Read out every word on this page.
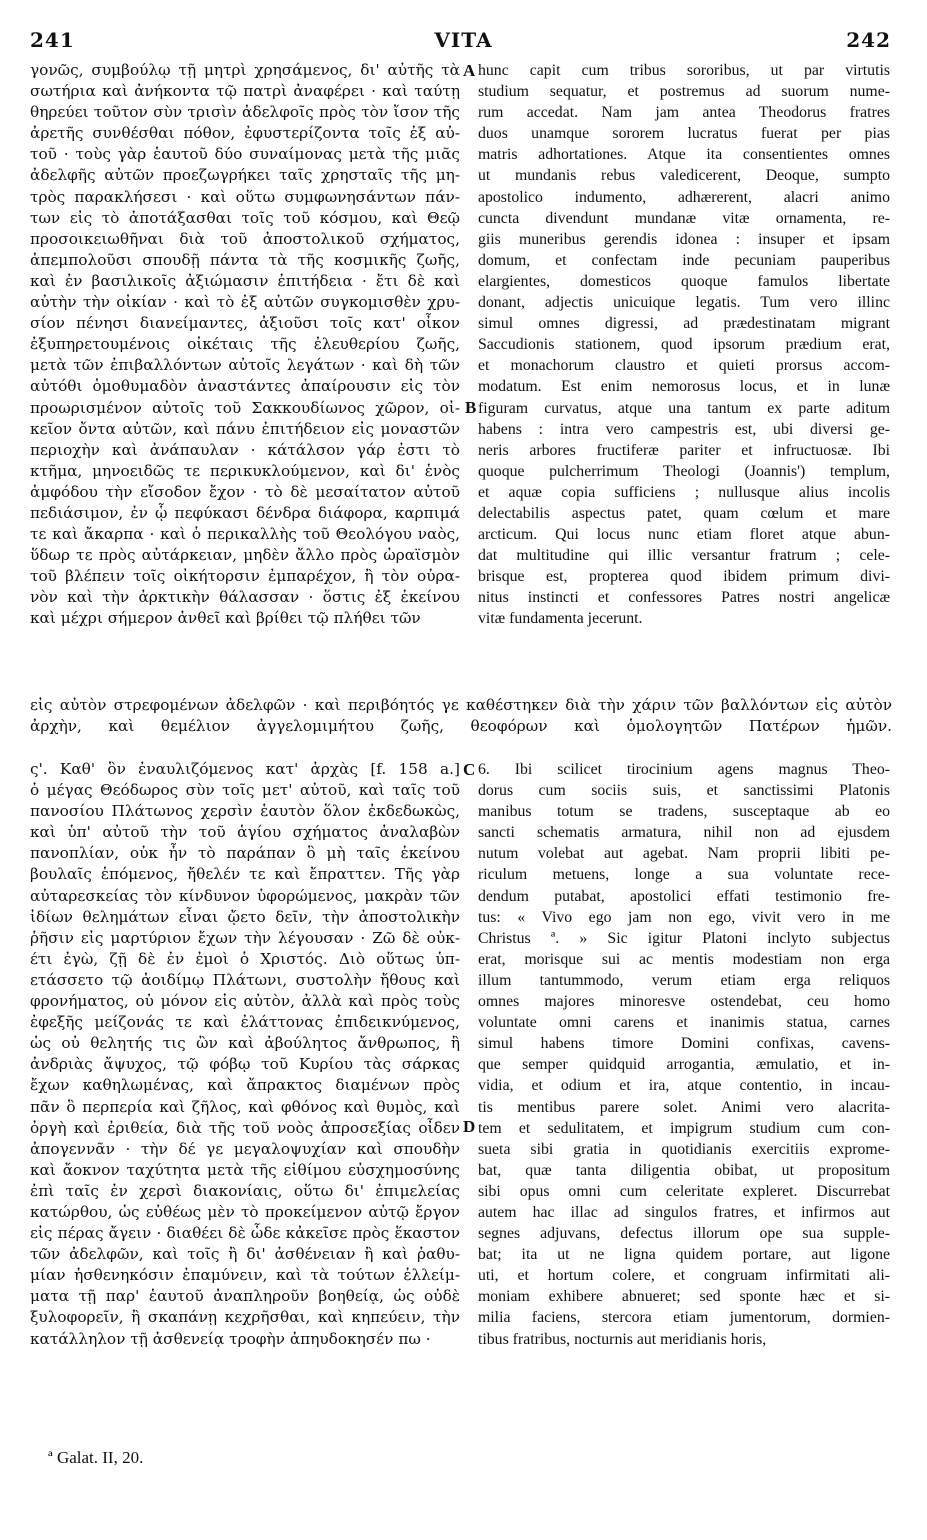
241	VITA	242
γονῶς, συμβούλῳ τῇ μητρὶ χρησάμενος, δι' αὐτῆς τὰ
σωτήρια καὶ ἀνήκοντα τῷ πατρὶ ἀναφέρει · καὶ ταύτῃ
θηρεύει τοῦτον σὺν τρισὶν ἀδελφοῖς πρὸς τὸν ἴσον τῆς
ἀρετῆς συνθέσθαι πόθον, ἐφυστερίζοντα τοῖς ἐξ αὐ-
τοῦ · τοὺς γὰρ ἑαυτοῦ δύο συναίμονας μετὰ τῆς μιᾶς
ἀδελφῆς αὐτῶν προεζωγρήκει ταῖς χρησταῖς τῆς μη-
τρὸς παρακλήσεσι · καὶ οὕτω συμφωνησάντων πάν-
των εἰς τὸ ἀποτάξασθαι τοῖς τοῦ κόσμου, καὶ Θεῷ
προσοικειωθῆναι διὰ τοῦ ἀποστολικοῦ σχήματος,
ἀπεμπολοῦσι σπουδῇ πάντα τὰ τῆς κοσμικῆς ζωῆς,
καὶ ἐν βασιλικοῖς ἀξιώμασιν ἐπιτήδεια · ἔτι δὲ καὶ
αὐτὴν τὴν οἰκίαν · καὶ τὸ ἐξ αὐτῶν συγκομισθὲν χρυ-
σίον πένησι διανείμαντες, ἀξιοῦσι τοῖς κατ' οἶκον
ἐξυπηρετουμένοις οἰκέταις τῆς ἐλευθερίου ζωῆς,
μετὰ τῶν ἐπιβαλλόντων αὐτοῖς λεγάτων · καὶ δὴ τῶν
αὐτόθι ὁμοθυμαδὸν ἀναστάντες ἀπαίρουσιν εἰς τὸν
προωρισμένον αὐτοῖς τοῦ Σακκουδίωνος χῶρον, οἰ-
κεῖον ὄντα αὐτῶν, καὶ πάνυ ἐπιτήδειον εἰς μοναστῶν
περιοχὴν καὶ ἀνάπαυλαν · κάτάλσον γάρ ἐστι τὸ
κτῆμα, μηνοειδῶς τε περικυκλούμενον, καὶ δι' ἑνὸς
ἀμφόδου τὴν εἴσοδον ἔχον · τὸ δὲ μεσαίτατον αὐτοῦ
πεδιάσιμον, ἐν ᾧ πεφύκασι δένδρα διάφορα, καρπιμά
τε καὶ ἄκαρπα · καὶ ὁ περικαλλὴς τοῦ Θεολόγου ναὸς,
ὕδωρ τε πρὸς αὐτάρκειαν, μηδὲν ἄλλο πρὸς ὡραϊσμὸν
τοῦ βλέπειν τοῖς οἰκήτορσιν ἐμπαρέχον, ἢ τὸν οὐρα-
νὸν καὶ τὴν ἀρκτικὴν θάλασσαν · ὅστις ἐξ ἐκείνου
καὶ μέχρι σήμερον ἀνθεῖ καὶ βρίθει τῷ πλήθει τῶν
hunc capit cum tribus sororibus, ut par virtutis
studium sequatur, et postremus ad suorum nume-
rum accedat. Nam jam antea Theodorus fratres
duos unamque sororem lucratus fuerat per pias
matris adhortationes. Atque ita consentientes omnes
ut mundanis rebus valedicerent, Deoque, sumpto
apostolico indumento, adhærerent, alacri animo
cuncta divendunt mundanæ vitæ ornamenta, re-
giis muneribus gerendis idonea : insuper et ipsam
domum, et confectam inde pecuniam pauperibus
elargientes, domesticos quoque famulos libertate
donant, adjectis unicuique legatis. Tum vero illinc
simul omnes digressi, ad prædestinatam migrant
Saccudionis stationem, quod ipsorum prædium erat,
et monachorum claustro et quieti prorsus accom-
modatum. Est enim nemorosus locus, et in lunæ
figuram curvatus, atque una tantum ex parte aditum
habens : intra vero campestris est, ubi diversi ge-
neris arbores fructiferæ pariter et infructuosæ. Ibi
quoque pulcherrimum Theologi (Joannis') templum,
et aquæ copia sufficiens ; nullusque alius incolis
delectabilis aspectus patet, quam cœlum et mare
arcticum. Qui locus nunc etiam floret atque abun-
dat multitudine qui illic versantur fratrum ; cele-
brisque est, propterea quod ibidem primum divi-
nitus instincti et confessores Patres nostri angelicæ
vitæ fundamenta jecerunt.
εἰς αὐτὸν στρεφομένων ἀδελφῶν · καὶ περιβόητός γε καθέστηκεν διὰ τὴν χάριν τῶν βαλλόντων εἰς αὐτὸν
ἀρχὴν, καὶ θεμέλιον ἀγγελομιμήτου ζωῆς, θεοφόρων καὶ ὁμολογητῶν Πατέρων ἡμῶν.
ς'. Καθ' ὃν ἐναυλιζόμενος κατ' ἀρχὰς [f. 158 a.]
ὁ μέγας Θεόδωρος σὺν τοῖς μετ' αὐτοῦ, καὶ ταῖς τοῦ
πανοσίου Πλάτωνος χερσὶν ἑαυτὸν ὅλον ἐκδεδωκὼς,
καὶ ὑπ' αὐτοῦ τὴν τοῦ ἁγίου σχήματος ἀναλαβὼν
πανοπλίαν, οὐκ ἦν τὸ παράπαν ὃ μὴ ταῖς ἐκείνου
βουλαῖς ἑπόμενος, ἤθελέν τε καὶ ἔπραττεν. Τῆς γὰρ
αὐταρεσκείας τὸν κίνδυνον ὑφορώμενος, μακρὰν τῶν
ἰδίων θελημάτων εἶναι ᾤετο δεῖν, τὴν ἀποστολικὴν
ῥῆσιν εἰς μαρτύριον ἔχων τὴν λέγουσαν · Ζῶ δὲ οὐκ-
έτι ἐγὼ, ζῇ δὲ ἐν ἐμοὶ ὁ Χριστός. Διὸ οὕτως ὑπ-
ετάσσετο τῷ ἀοιδίμῳ Πλάτωνι, συστολὴν ἤθους καὶ
φρονήματος, οὐ μόνον εἰς αὐτὸν, ἀλλὰ καὶ πρὸς τοὺς
ἐφεξῆς μείζονάς τε καὶ ἐλάττονας ἐπιδεικνύμενος,
ὡς οὐ θελητής τις ὢν καὶ ἀβούλητος ἄνθρωπος, ἢ
ἀνδριὰς ἄψυχος, τῷ φόβῳ τοῦ Κυρίου τὰς σάρκας
ἔχων καθηλωμένας, καὶ ἄπρακτος διαμένων πρὸς
πᾶν ὃ περπερία καὶ ζῆλος, καὶ φθόνος καὶ θυμὸς, καὶ
ὀργὴ καὶ ἐριθεία, διὰ τῆς τοῦ νοὸς ἀπροσεξίας οἶδεν
ἀπογεννᾶν · τὴν δέ γε μεγαλοψυχίαν καὶ σπουδὴν
καὶ ἄοκνον ταχύτητα μετὰ τῆς εἰθίμου εὐσχημοσύνης
ἐπὶ ταῖς ἐν χερσὶ διακονίαις, οὕτω δι' ἐπιμελείας
κατώρθου, ὡς εὐθέως μὲν τὸ προκείμενον αὐτῷ ἔργον
εἰς πέρας ἄγειν · διαθέει δὲ ὧδε κἀκεῖσε πρὸς ἕκαστον
τῶν ἀδελφῶν, καὶ τοῖς ἢ δι' ἀσθένειαν ἢ καὶ ῥαθυ-
μίαν ἡσθενηκόσιν ἐπαμύνειν, καὶ τὰ τούτων ἐλλείμ-
ματα τῇ παρ' ἑαυτοῦ ἀναπληροῦν βοηθείᾳ, ὡς οὐδὲ
ξυλοφορεῖν, ἢ σκαπάνῃ κεχρῆσθαι, καὶ κηπεύειν, τὴν
κατάλληλον τῇ ἀσθενείᾳ τροφὴν ἀπηυδοκησέν πω ·
6. Ibi scilicet tirocinium agens magnus Theo-
dorus cum sociis suis, et sanctissimi Platonis
manibus totum se tradens, susceptaque ab eo
sancti schematis armatura, nihil non ad ejusdem
nutum volebat aut agebat. Nam proprii libiti pe-
riculum metuens, longe a sua voluntate rece-
dendum putabat, apostolici effati testimonio fre-
tus: « Vivo ego jam non ego, vivit vero in me
Christus ª. » Sic igitur Platoni inclyto subjectus
erat, morisque sui ac mentis modestiam non erga
illum tantummodo, verum etiam erga reliquos
omnes majores minoresve ostendebat, ceu homo
voluntate omni carens et inanimis statua, carnes
simul habens timore Domini confixas, cavens-
que semper quidquid arrogantia, æmulatio, et in-
vidia, et odium et ira, atque contentio, in incau-
tis mentibus parere solet. Animi vero alacrita-
tem et sedulitatem, et impigrum studium cum con-
sueta sibi gratia in quotidianis exercitiis exprome-
bat, quæ tanta diligentia obibat, ut propositum
sibi opus omni cum celeritate expleret. Discurrebat
autem hac illac ad singulos fratres, et infirmos aut
segnes adjuvans, defectus illorum ope sua supple-
bat; ita ut ne ligna quidem portare, aut ligone
uti, et hortum colere, et congruam infirmitati ali-
moniam exhibere abnueret; sed sponte hæc et si-
milia faciens, stercora etiam jumentorum, dormien-
tibus fratribus, nocturnis aut meridianis horis,
A
B
C
D
ª Galat. II, 20.
